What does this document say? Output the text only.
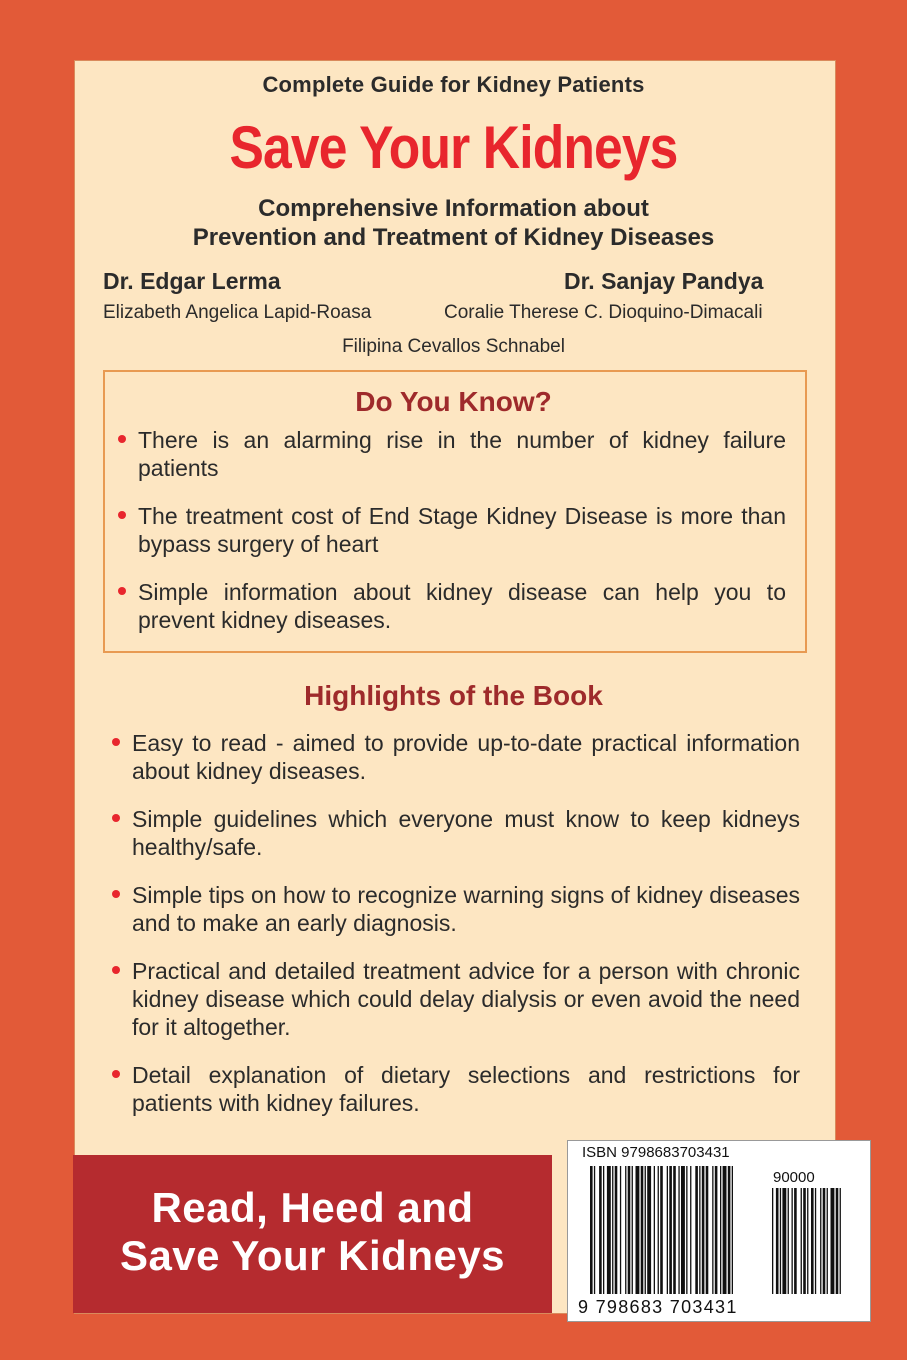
Complete Guide for Kidney Patients
Save Your Kidneys
Comprehensive Information about
Prevention and Treatment of Kidney Diseases
Dr. Edgar Lerma	Dr. Sanjay Pandya
Elizabeth Angelica Lapid-Roasa	Coralie Therese C. Dioquino-Dimacali
Filipina Cevallos Schnabel
Do You Know?
There is an alarming rise in the number of kidney failure patients
The treatment cost of End Stage Kidney Disease is more than bypass surgery of heart
Simple information about kidney disease can help you to prevent kidney diseases.
Highlights of the Book
Easy to read - aimed to provide up-to-date practical information about kidney diseases.
Simple guidelines which everyone must know to keep kidneys healthy/safe.
Simple tips on how to recognize warning signs of kidney diseases and to make an early diagnosis.
Practical and detailed treatment advice for a person with chronic kidney disease which could delay dialysis or even avoid the need for it altogether.
Detail explanation of dietary selections and restrictions for patients with kidney failures.
Read, Heed and
Save Your Kidneys
ISBN 9798683703431
90000
9 798683 703431
